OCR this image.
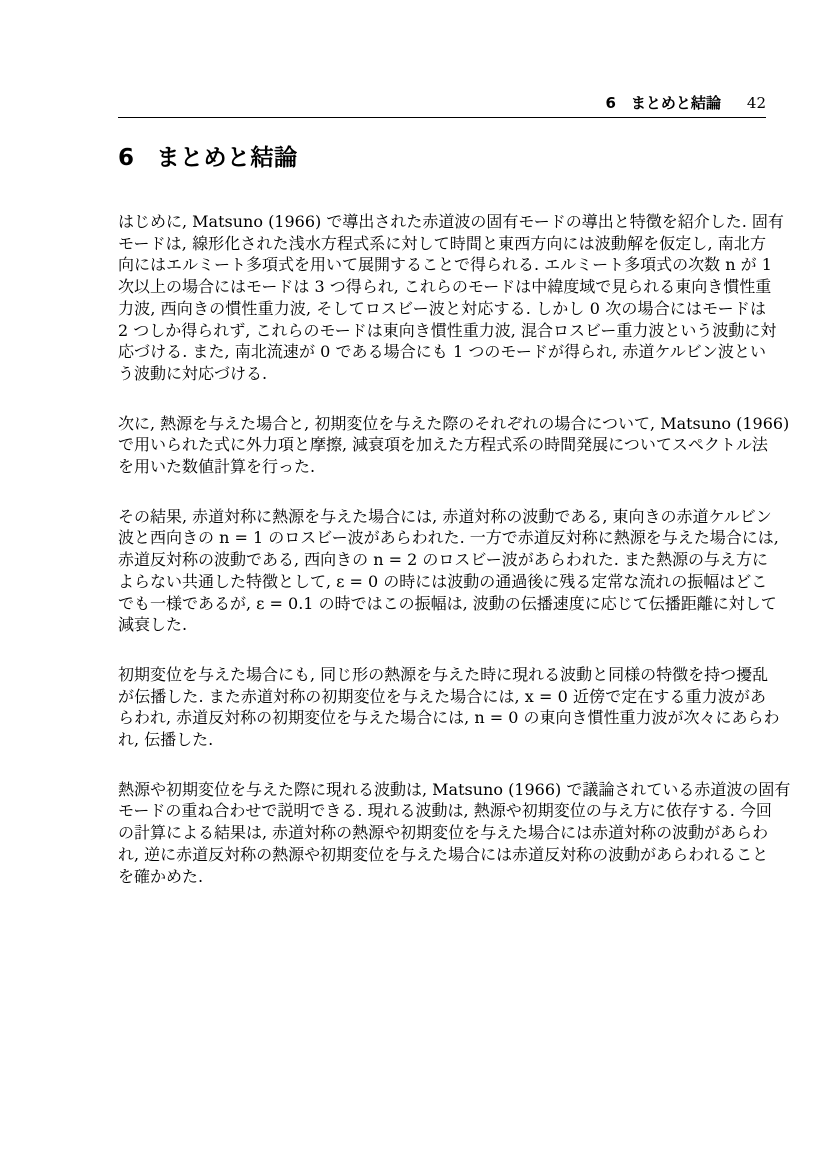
6　まとめと結論 42
6 まとめと結論
はじめに, Matsuno (1966) で導出された赤道波の固有モードの導出と特徴を紹介した. 固有
モードは, 線形化された浅水方程式系に対して時間と東西方向には波動解を仮定し, 南北方
向にはエルミート多項式を用いて展開することで得られる. エルミート多項式の次数 n が 1
次以上の場合にはモードは 3 つ得られ, これらのモードは中緯度域で見られる東向き慣性重
力波, 西向きの慣性重力波, そしてロスビー波と対応する. しかし 0 次の場合にはモードは
2 つしか得られず, これらのモードは東向き慣性重力波, 混合ロスビー重力波という波動に対
応づける. また, 南北流速が 0 である場合にも 1 つのモードが得られ, 赤道ケルビン波とい
う波動に対応づける.
次に, 熱源を与えた場合と, 初期変位を与えた際のそれぞれの場合について, Matsuno (1966)
で用いられた式に外力項と摩擦, 減衰項を加えた方程式系の時間発展についてスペクトル法
を用いた数値計算を行った.
その結果, 赤道対称に熱源を与えた場合には, 赤道対称の波動である, 東向きの赤道ケルビン
波と西向きの n = 1 のロスビー波があらわれた. 一方で赤道反対称に熱源を与えた場合には,
赤道反対称の波動である, 西向きの n = 2 のロスビー波があらわれた. また熱源の与え方に
よらない共通した特徴として, ε = 0 の時には波動の通過後に残る定常な流れの振幅はどこ
でも一様であるが, ε = 0.1 の時ではこの振幅は, 波動の伝播速度に応じて伝播距離に対して
減衰した.
初期変位を与えた場合にも, 同じ形の熱源を与えた時に現れる波動と同様の特徴を持つ擾乱
が伝播した. また赤道対称の初期変位を与えた場合には, x = 0 近傍で定在する重力波があ
らわれ, 赤道反対称の初期変位を与えた場合には, n = 0 の東向き慣性重力波が次々にあらわ
れ, 伝播した.
熱源や初期変位を与えた際に現れる波動は, Matsuno (1966) で議論されている赤道波の固有
モードの重ね合わせで説明できる. 現れる波動は, 熱源や初期変位の与え方に依存する. 今回
の計算による結果は, 赤道対称の熱源や初期変位を与えた場合には赤道対称の波動があらわ
れ, 逆に赤道反対称の熱源や初期変位を与えた場合には赤道反対称の波動があらわれること
を確かめた.
